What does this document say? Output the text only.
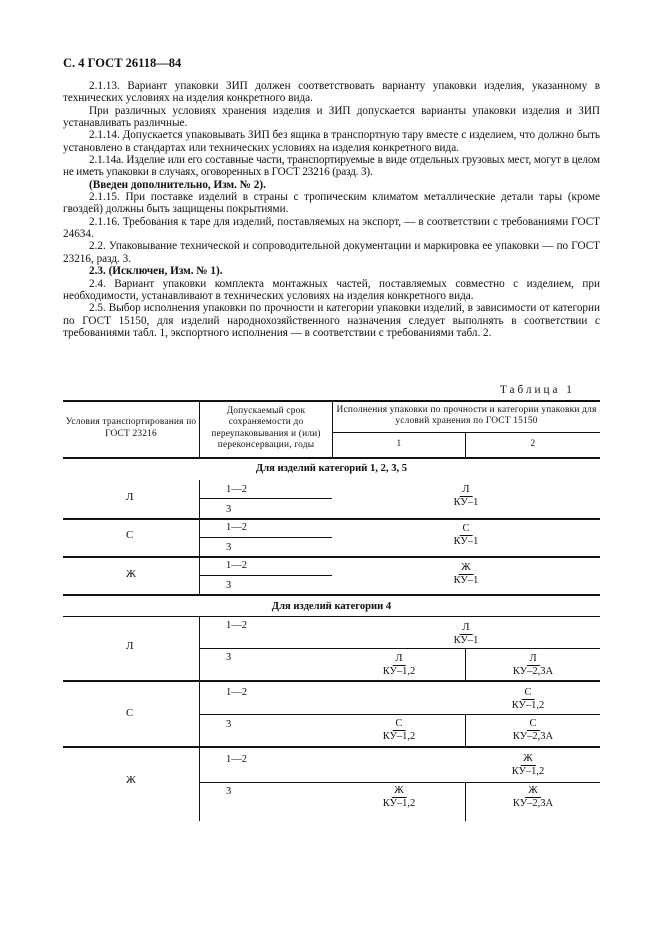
С. 4 ГОСТ 26118—84

2.1.13. Вариант упаковки ЗИП должен соответствовать варианту упаковки изделия, указанному в технических условиях на изделия конкретного вида.

При различных условиях хранения изделия и ЗИП допускается варианты упаковки изделия и ЗИП устанавливать различные.

2.1.14. Допускается упаковывать ЗИП без ящика в транспортную тару вместе с изделием, что должно быть установлено в стандартах или технических условиях на изделия конкретного вида.

2.1.14а. Изделие или его составные части, транспортируемые в виде отдельных грузовых мест, могут в целом не иметь упаковки в случаях, оговоренных в ГОСТ 23216 (разд. 3).

(Введен дополнительно, Изм. № 2).

2.1.15. При поставке изделий в страны с тропическим климатом металлические детали тары (кроме гвоздей) должны быть защищены покрытиями.

2.1.16. Требования к таре для изделий, поставляемых на экспорт, — в соответствии с требованиями ГОСТ 24634.

2.2. Упаковывание технической и сопроводительной документации и маркировка ее упаковки — по ГОСТ 23216, разд. 3.

2.3. (Исключен, Изм. № 1).

2.4. Вариант упаковки комплекта монтажных частей, поставляемых совместно с изделием, при необходимости, устанавливают в технических условиях на изделия конкретного вида.

2.5. Выбор исполнения упаковки по прочности и категории упаковки изделий, в зависимости от категории по ГОСТ 15150, для изделий народнохозяйственного назначения следует выполнять в соответствии с требованиями табл. 1, экспортного исполнения — в соответствии с требованиями табл. 2.

Таблица 1
Условия транспортирования по ГОСТ 23216
Допускаемый срок сохраняемости до переупаковывания и (или) переконсервации, годы
Исполнения упаковки по прочности и категории упаковки для условий хранения по ГОСТ 15150
1	2
Для изделий категорий 1, 2, 3, 5
Л
1—2
3
Л
КУ–1
С
1—2
3
С
КУ–1
Ж
1—2
3
Ж
КУ–1
Для изделий категории 4
Л
1—2
3
Л
КУ–1
Л
КУ–1,2
Л
КУ–2,3А
С
1—2
3
С
КУ–1,2
С
КУ–1,2
С
КУ–2,3А
Ж
1—2
3
Ж
КУ–1,2
Ж
КУ–1,2
Ж
КУ–2,3А
